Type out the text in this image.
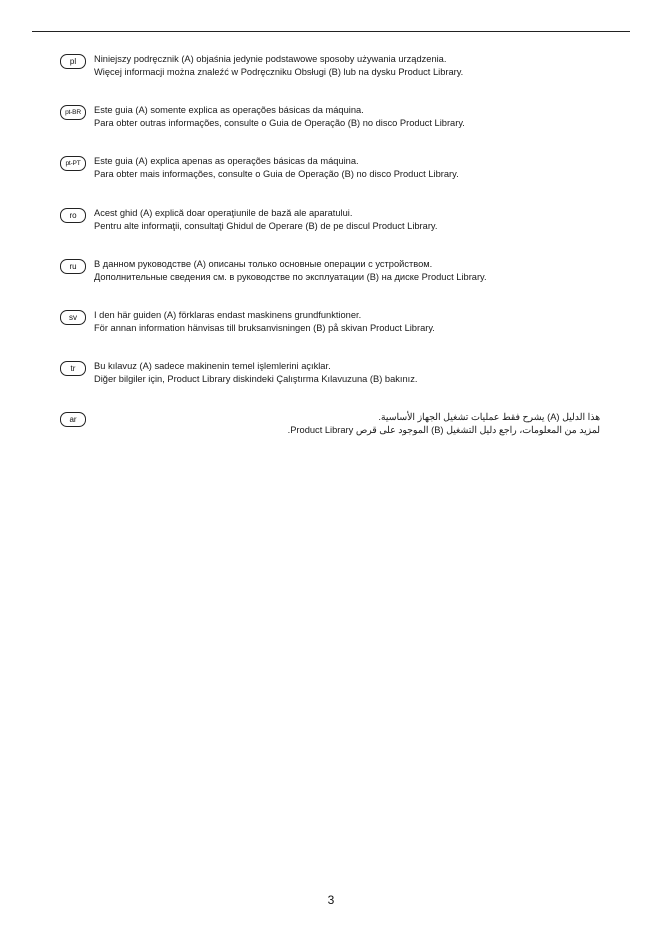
pl	Niniejszy podręcznik (A) objaśnia jedynie podstawowe sposoby używania urządzenia.
Więcej informacji można znaleźć w Podręczniku Obsługi (B) lub na dysku Product Library.
pt-BR	Este guia (A) somente explica as operações básicas da máquina.
Para obter outras informações, consulte o Guia de Operação (B) no disco Product Library.
pt-PT	Este guia (A) explica apenas as operações básicas da máquina.
Para obter mais informações, consulte o Guia de Operação (B) no disco Product Library.
ro	Acest ghid (A) explică doar operaţiunile de bază ale aparatului.
Pentru alte informaţii, consultaţi Ghidul de Operare (B) de pe discul Product Library.
ru	В данном руководстве (A) описаны только основные операции с устройством.
Дополнительные сведения см. в руководстве по эксплуатации (B) на диске Product Library.
sv	I den här guiden (A) förklaras endast maskinens grundfunktioner.
För annan information hänvisas till bruksanvisningen (B) på skivan Product Library.
tr	Bu kılavuz (A) sadece makinenin temel işlemlerini açıklar.
Diğer bilgiler için, Product Library diskindeki Çalıştırma Kılavuzuna (B) bakınız.
ar	هذا الدليل (A) يشرح فقط عمليات تشغيل الجهاز الأساسية.
لمزيد من المعلومات، راجع دليل التشغيل (B) الموجود على قرص Product Library.
3
